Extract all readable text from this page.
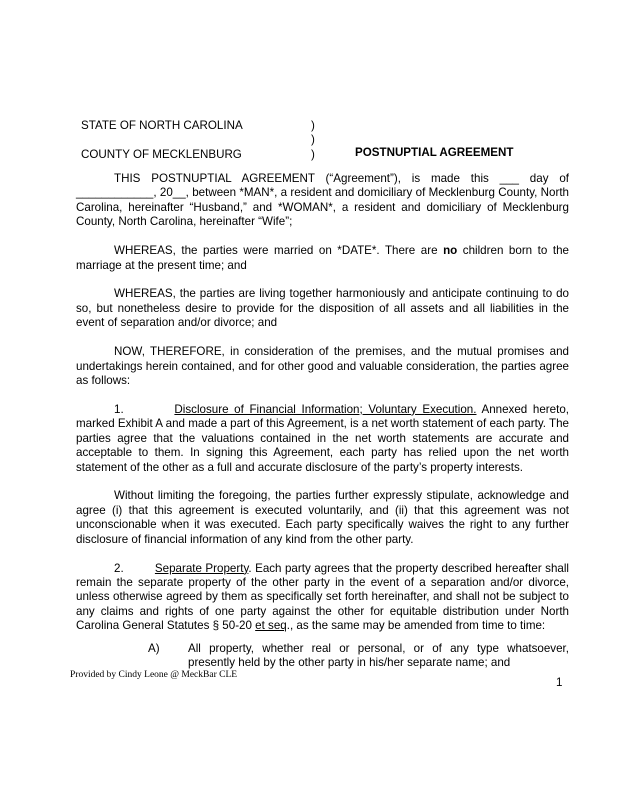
STATE OF NORTH CAROLINA	)
)
POSTNUPTIAL AGREEMENT
COUNTY OF MECKLENBURG	)

THIS POSTNUPTIAL AGREEMENT (“Agreement”), is made this ___ day of ____________, 20__, between *MAN*, a resident and domiciliary of Mecklenburg County, North Carolina, hereinafter “Husband,” and *WOMAN*, a resident and domiciliary of Mecklenburg County, North Carolina, hereinafter “Wife”;

WHEREAS, the parties were married on *DATE*. There are no children born to the marriage at the present time; and

WHEREAS, the parties are living together harmoniously and anticipate continuing to do so, but nonetheless desire to provide for the disposition of all assets and all liabilities in the event of separation and/or divorce; and

NOW, THEREFORE, in consideration of the premises, and the mutual promises and undertakings herein contained, and for other good and valuable consideration, the parties agree as follows:

1.	Disclosure of Financial Information; Voluntary Execution. Annexed hereto, marked Exhibit A and made a part of this Agreement, is a net worth statement of each party. The parties agree that the valuations contained in the net worth statements are accurate and acceptable to them. In signing this Agreement, each party has relied upon the net worth statement of the other as a full and accurate disclosure of the party’s property interests.

Without limiting the foregoing, the parties further expressly stipulate, acknowledge and agree (i) that this agreement is executed voluntarily, and (ii) that this agreement was not unconscionable when it was executed. Each party specifically waives the right to any further disclosure of financial information of any kind from the other party.

2.	Separate Property. Each party agrees that the property described hereafter shall remain the separate property of the other party in the event of a separation and/or divorce, unless otherwise agreed by them as specifically set forth hereinafter, and shall not be subject to any claims and rights of one party against the other for equitable distribution under North Carolina General Statutes § 50-20 et seq., as the same may be amended from time to time:

A) All property, whether real or personal, or of any type whatsoever, presently held by the other party in his/her separate name; and
Provided by Cindy Leone @ MeckBar CLE
1
